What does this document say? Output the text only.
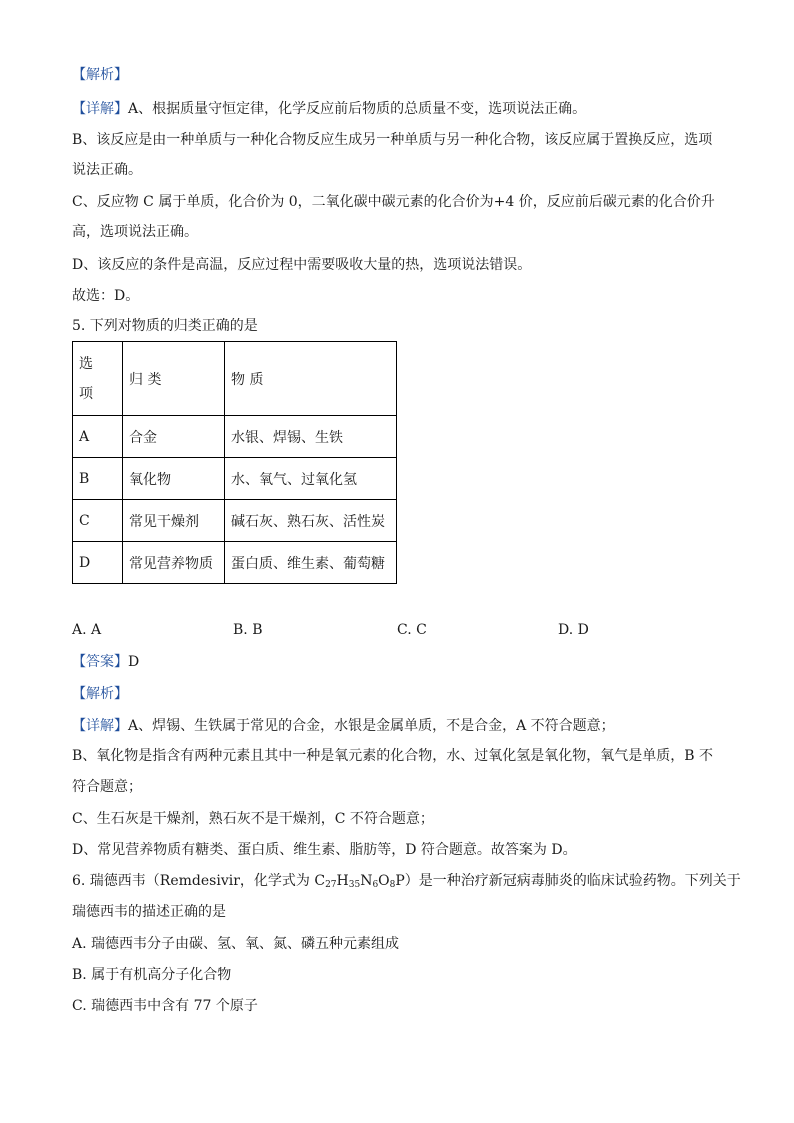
【解析】
【详解】A、根据质量守恒定律，化学反应前后物质的总质量不变，选项说法正确。
B、该反应是由一种单质与一种化合物反应生成另一种单质与另一种化合物，该反应属于置换反应，选项
说法正确。
C、反应物 C 属于单质，化合价为 0，二氧化碳中碳元素的化合价为+4 价，反应前后碳元素的化合价升
高，选项说法正确。
D、该反应的条件是高温，反应过程中需要吸收大量的热，选项说法错误。
故选：D。
5. 下列对物质的归类正确的是
选
项	归 类	物 质
A	合金	水银、焊锡、生铁
B	氧化物	水、氧气、过氧化氢
C	常见干燥剂	碱石灰、熟石灰、活性炭
D	常见营养物质	蛋白质、维生素、葡萄糖
A. A	B. B	C. C	D. D
【答案】D
【解析】
【详解】A、焊锡、生铁属于常见的合金，水银是金属单质，不是合金，A 不符合题意；
B、氧化物是指含有两种元素且其中一种是氧元素的化合物，水、过氧化氢是氧化物，氧气是单质，B 不
符合题意；
C、生石灰是干燥剂，熟石灰不是干燥剂，C 不符合题意；
D、常见营养物质有糖类、蛋白质、维生素、脂肪等，D 符合题意。故答案为 D。
6. 瑞德西韦（Remdesivir，化学式为 $C_{27}H_{35}N_6O_8P$）是一种治疗新冠病毒肺炎的临床试验药物。下列关于
瑞德西韦的描述正确的是
A. 瑞德西韦分子由碳、氢、氧、氮、磷五种元素组成
B. 属于有机高分子化合物
C. 瑞德西韦中含有 77 个原子
